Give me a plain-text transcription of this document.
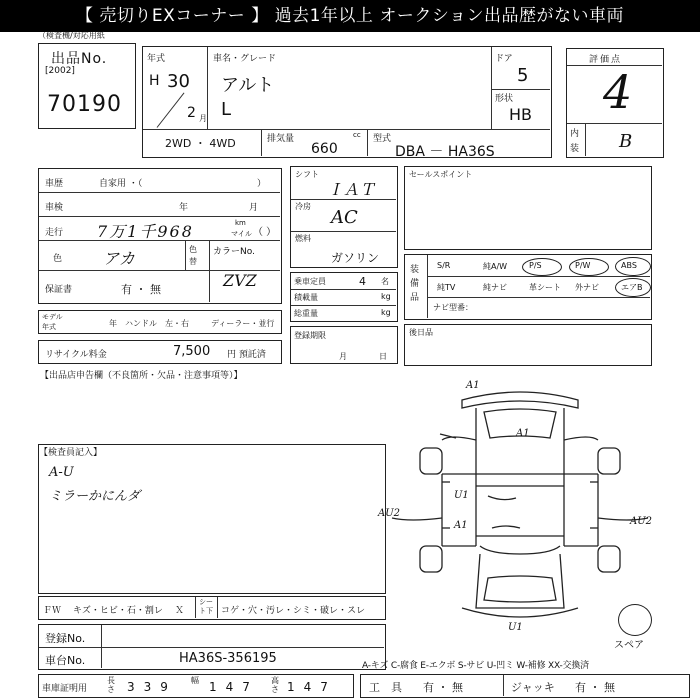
【 売切りEXコーナー 】 過去1年以上 オークション出品歴がない車両
（検査機/対応用紙
出品No.
[2002]
70190
年式
H 30
2 月
車名・グレード
アルト
L
ドア
5
形状
HB
2WD ・ 4WD	排気量	cc
660
型式
DBA － HA36S
評価点
4
内
装 B
車歴	自家用 ・（	）
車検	年	月
走行 7万1千968	km
マイル （ ）
色	アカ	色
替
カラーNo.
ZVZ
保証書	有 ・ 無
モデル
年式	年 ハンドル　左・右	ディーラー・並行
リサイクル料金	7,500 円 預託済
シフト
ＩＡＴ
冷房
AC
燃料
ガソリン
乗車定員	4 名
積載量	kg
総重量	kg
登録期限
月	日
セールスポイント
装備品
S/R	純A/W	P/S	P/W	ABS
純TV	純ナビ	革シート 外ナビ	エアB
ナビ型番：
後日品
【出品店申告欄（不良箇所・欠品・注意事項等）】
【検査員記入】
A-U
ミラーかにんダ
A1
A1
AU2
U1
A1	AU2
U1
スペア
ＦＷ キズ・ヒビ・石・割レ Ｘ
シート下 コゲ・穴・汚レ・シミ・破レ・スレ
登録No.
車台No.	HA36S-356195	A-キズ C-腐食 E-エクボ S-サビ U-凹ミ W-補修 XX-交換済
車庫証明用
長さ 339 幅 147 高さ 147	工　具 有 ・ 無	ジャッキ 有 ・ 無
